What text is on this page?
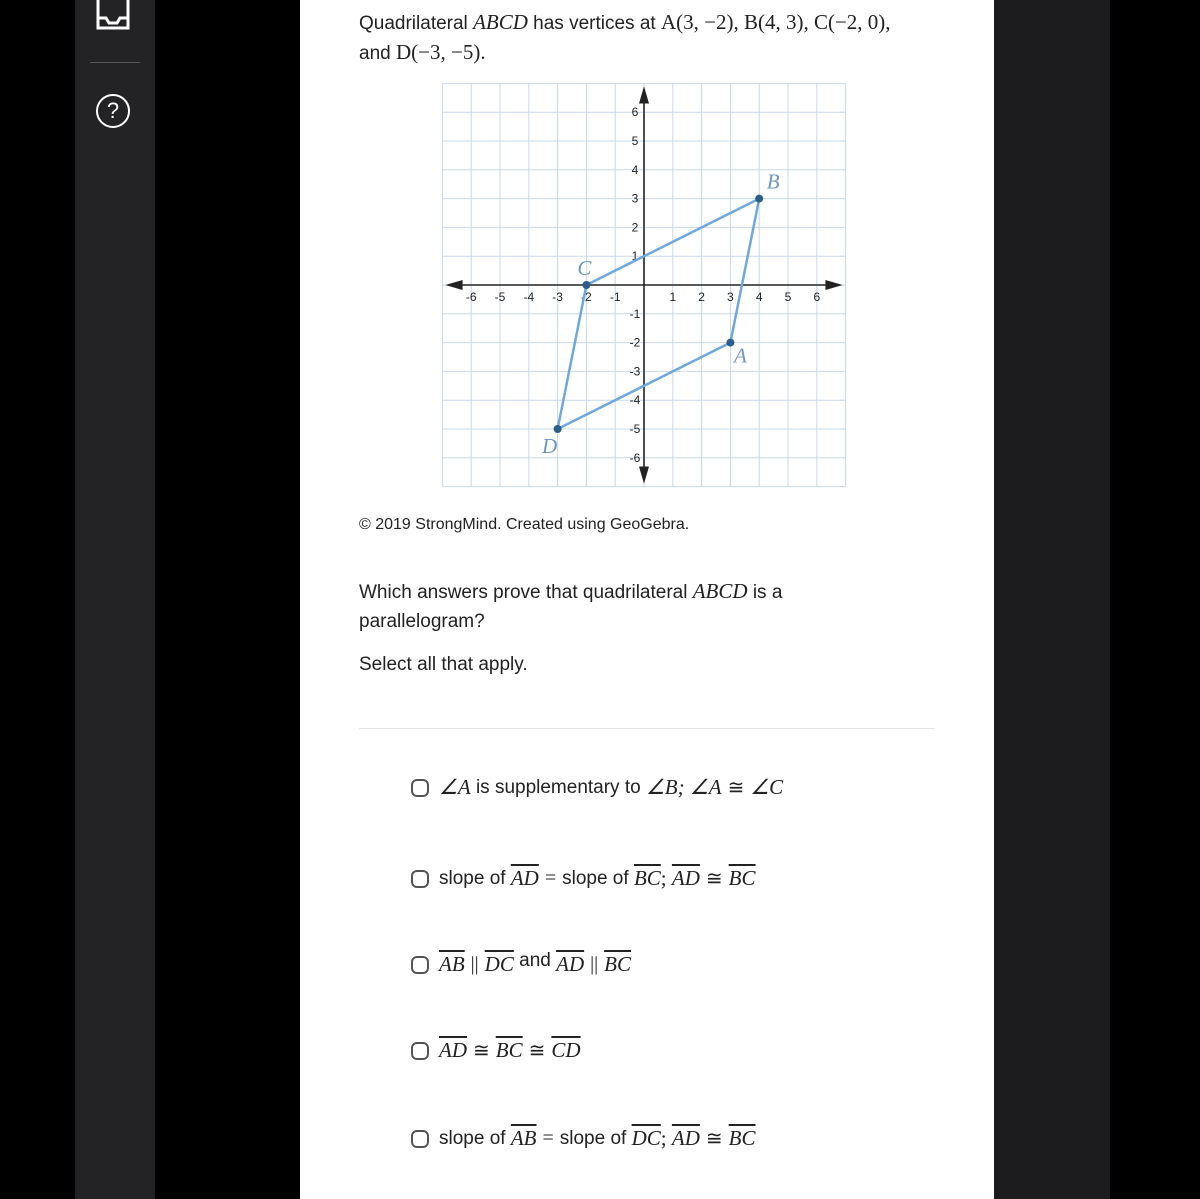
?
Quadrilateral ABCD has vertices at A(3, −2), B(4, 3), C(−2, 0),
and D(−3, −5).
-6 -5 -4 -3 -2 -1	1 2 3 4 5 6
6
5
4
3
2
1
-1
-2
-3
-4
-5
-6
A
B
C
D
© 2019 StrongMind. Created using GeoGebra.
Which answers prove that quadrilateral ABCD is a parallelogram?
Select all that apply.
∠A
is supplementary to
∠B;
∠A ≅ ∠C
slope of
$\overline{AD}$ = slope of
$\overline{BC}$ ;
$\overline{AD}$ ≅ $\overline{BC}$
$\overline{AB}$ || $\overline{DC}$
and
$\overline{AD}$ || $\overline{BC}$
$\overline{AD}$ ≅ $\overline{BC}$ ≅ $\overline{CD}$
slope of
$\overline{AB}$ = slope of
$\overline{DC}$ ;
$\overline{AD}$ ≅ $\overline{BC}$
